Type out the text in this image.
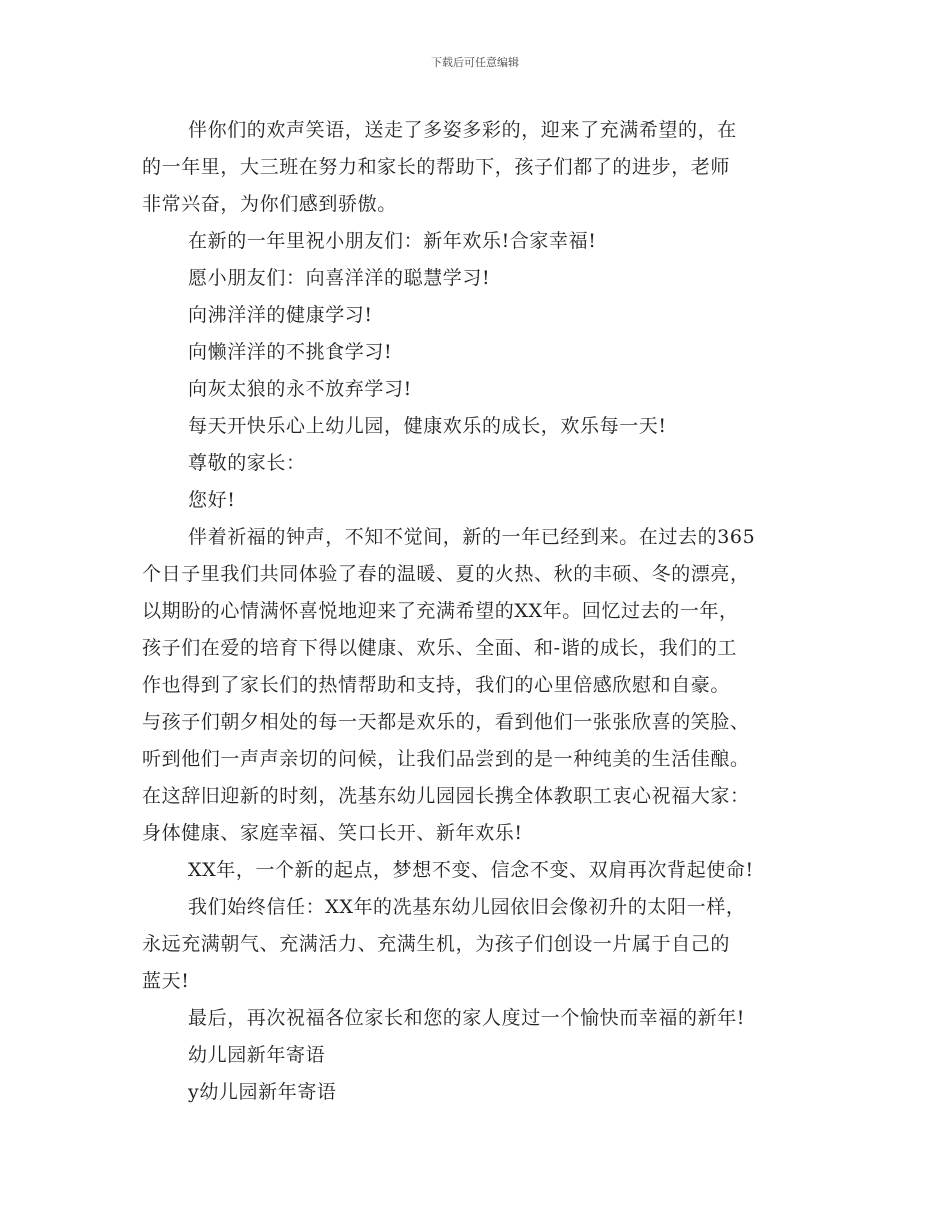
下载后可任意编辑

伴你们的欢声笑语，送走了多姿多彩的，迎来了充满希望的，在

的一年里，大三班在努力和家长的帮助下，孩子们都了的进步，老师

非常兴奋，为你们感到骄傲。

在新的一年里祝小朋友们：新年欢乐!合家幸福!

愿小朋友们：向喜洋洋的聪慧学习!

向沸洋洋的健康学习!

向懒洋洋的不挑食学习!

向灰太狼的永不放弃学习!

每天开快乐心上幼儿园，健康欢乐的成长，欢乐每一天!

尊敬的家长：

您好!

伴着祈福的钟声，不知不觉间，新的一年已经到来。在过去的365

个日子里我们共同体验了春的温暖、夏的火热、秋的丰硕、冬的漂亮，

以期盼的心情满怀喜悦地迎来了充满希望的XX年。回忆过去的一年，

孩子们在爱的培育下得以健康、欢乐、全面、和-谐的成长，我们的工

作也得到了家长们的热情帮助和支持，我们的心里倍感欣慰和自豪。

与孩子们朝夕相处的每一天都是欢乐的，看到他们一张张欣喜的笑脸、

听到他们一声声亲切的问候，让我们品尝到的是一种纯美的生活佳酿。

在这辞旧迎新的时刻，冼基东幼儿园园长携全体教职工衷心祝福大家：

身体健康、家庭幸福、笑口长开、新年欢乐!

XX年，一个新的起点，梦想不变、信念不变、双肩再次背起使命!

我们始终信任：XX年的冼基东幼儿园依旧会像初升的太阳一样，

永远充满朝气、充满活力、充满生机，为孩子们创设一片属于自己的

蓝天!

最后，再次祝福各位家长和您的家人度过一个愉快而幸福的新年!

幼儿园新年寄语

y幼儿园新年寄语
